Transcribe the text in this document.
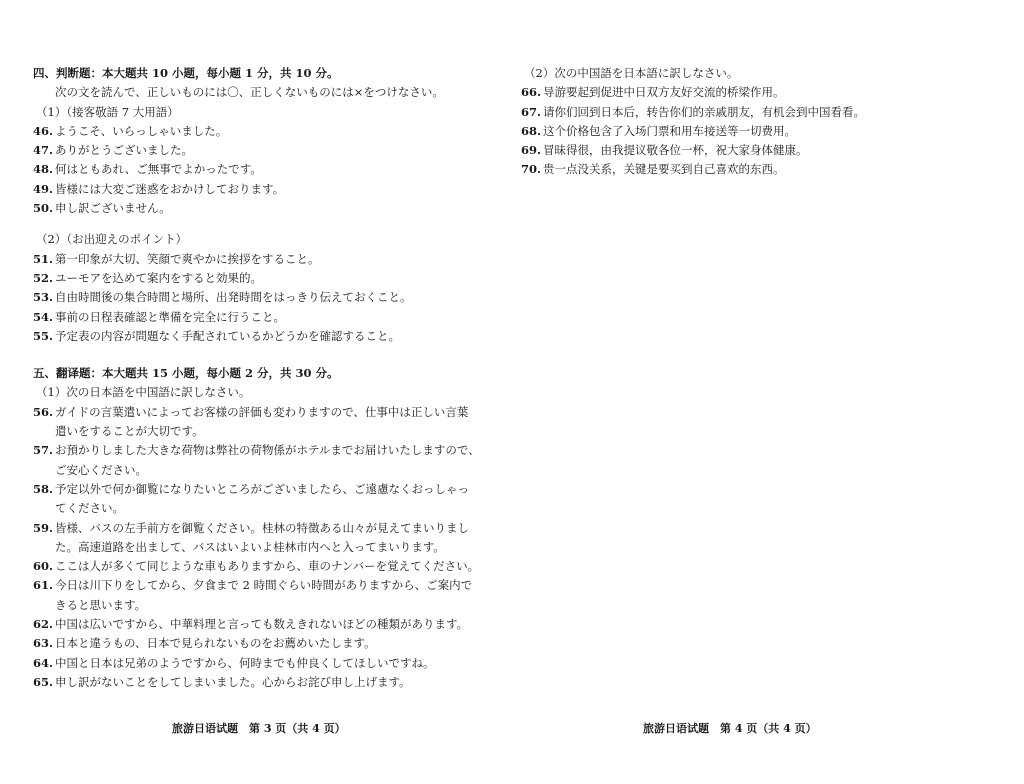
四、判断题：本大题共 10 小题，每小题 1 分，共 10 分。
次の文を読んで、正しいものには〇、正しくないものには×をつけなさい。
（1）（接客敬語 7 大用語）
46. ようこそ、いらっしゃいました。
47. ありがとうございました。
48. 何はともあれ、ご無事でよかったです。
49. 皆様には大変ご迷惑をおかけしております。
50. 申し訳ございません。
（2）（お出迎えのポイント）
51. 第一印象が大切、笑顔で爽やかに挨拶をすること。
52. ユーモアを込めて案内をすると効果的。
53. 自由時間後の集合時間と場所、出発時間をはっきり伝えておくこと。
54. 事前の日程表確認と準備を完全に行うこと。
55. 予定表の内容が問題なく手配されているかどうかを確認すること。
五、翻译题：本大题共 15 小题，每小题 2 分，共 30 分。
（1）次の日本語を中国語に訳しなさい。
56. ガイドの言葉遣いによってお客様の評価も変わりますので、仕事中は正しい言葉
遣いをすることが大切です。
57. お預かりしました大きな荷物は弊社の荷物係がホテルまでお届けいたしますので、
ご安心ください。
58. 予定以外で何か御覧になりたいところがございましたら、ご遠慮なくおっしゃっ
てください。
59. 皆様、バスの左手前方を御覧ください。桂林の特徴ある山々が見えてまいりまし
た。高速道路を出まして、バスはいよいよ桂林市内へと入ってまいります。
60. ここは人が多くて同じような車もありますから、車のナンバーを覚えてください。
61. 今日は川下りをしてから、夕食まで 2 時間ぐらい時間がありますから、ご案内で
きると思います。
62. 中国は広いですから、中華料理と言っても数えきれないほどの種類があります。
63. 日本と違うもの、日本で見られないものをお薦めいたします。
64. 中国と日本は兄弟のようですから、何時までも仲良くしてほしいですね。
65. 申し訳がないことをしてしまいました。心からお詫び申し上げます。
（2）次の中国語を日本語に訳しなさい。
66. 导游要起到促进中日双方友好交流的桥梁作用。
67. 请你们回到日本后，转告你们的亲戚朋友，有机会到中国看看。
68. 这个价格包含了入场门票和用车接送等一切费用。
69. 冒昧得很，由我提议敬各位一杯，祝大家身体健康。
70. 贵一点没关系，关键是要买到自己喜欢的东西。
旅游日语试题　第 3 页（共 4 页）	旅游日语试题　第 4 页（共 4 页）
